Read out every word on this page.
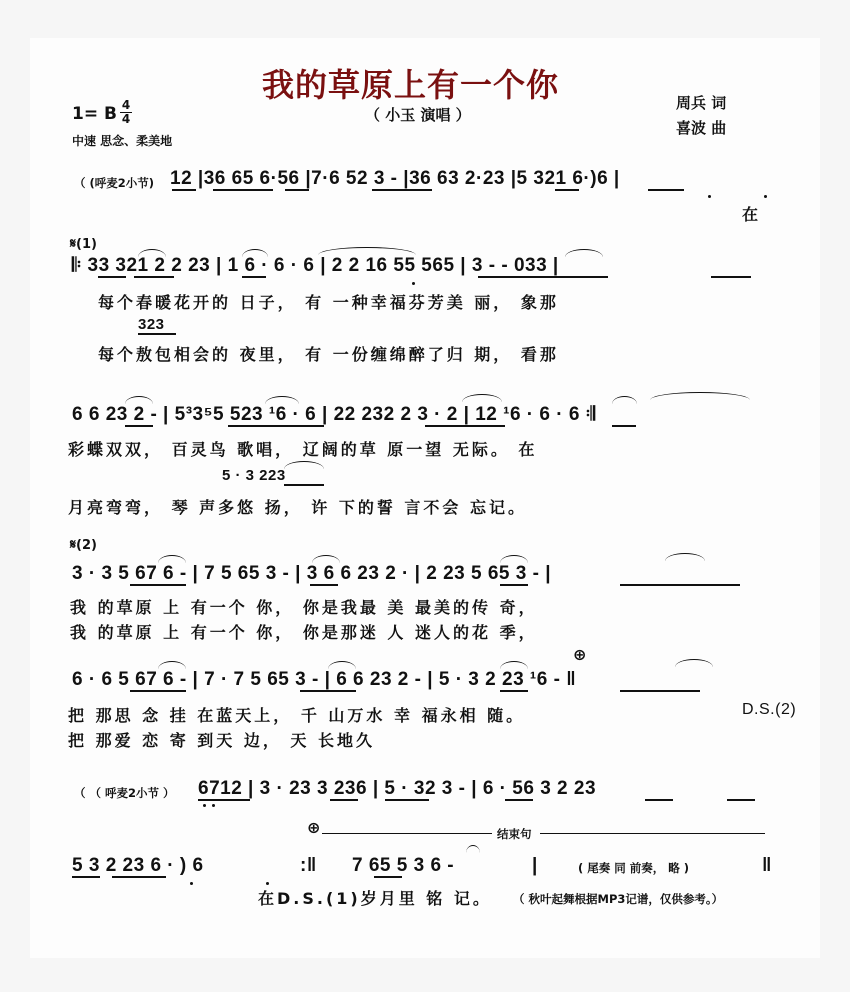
我的草原上有一个你
（ 小玉 演唱 ）
周兵 词
喜波 曲
1= B 4
4
中速 思念、柔美地
（ (呼麦2小节) 12 |36 65 6·56 |7·6 52 3 - |36 63 2·23 |5 321 6·)6 |
在
𝄋(1)
𝄆 33 321 2 2 23 | 1 6 · 6 · 6 | 2 2 16 55 565 | 3 - - 033 |
每个春暖花开的 日子， 有 一种幸福芬芳美 丽， 象那
323
每个敖包相会的 夜里， 有 一份缠绵醉了归 期， 看那
6 6 23 2 - | 5³3⁵5 523 ¹6 · 6 | 22 232 2 3 · 2 | 12 ¹6 · 6 · 6 𝄇
彩蝶双双， 百灵鸟 歌唱， 辽阔的草 原一望 无际。 在
5 · 3 223
月亮弯弯， 琴 声多悠 扬， 许 下的誓 言不会 忘记。
𝄋(2)
3 · 3 5 67 6 - | 7 5 65 3 - | 3 6 6 23 2 · | 2 23 5 65 3 - |
我 的草原 上 有一个 你， 你是我最 美 最美的传 奇，
我 的草原 上 有一个 你， 你是那迷 人 迷人的花 季，
⊕
6 · 6 5 67 6 - | 7 · 7 5 65 3 - | 6 6 23 2 - | 5 · 3 2 23 ¹6 - ‖
把 那思 念 挂 在蓝天上， 千 山万水 幸 福永相 随。	D.S.(2)
把 那爱 恋 寄 到天 边， 天 长地久
（ （ 呼麦2小节 ） 6712 | 3 · 23 3 236 | 5 · 32 3 - | 6 · 56 3 2 23
⊕	结束句
5 3 2 23 6 · ) 6	:‖ 7 65 5 3 6 -	|	( 尾奏 同 前奏， 略 )	‖
在D.S.(1)岁月里 铭 记。 （ 秋叶起舞根据MP3记谱，仅供参考。）
